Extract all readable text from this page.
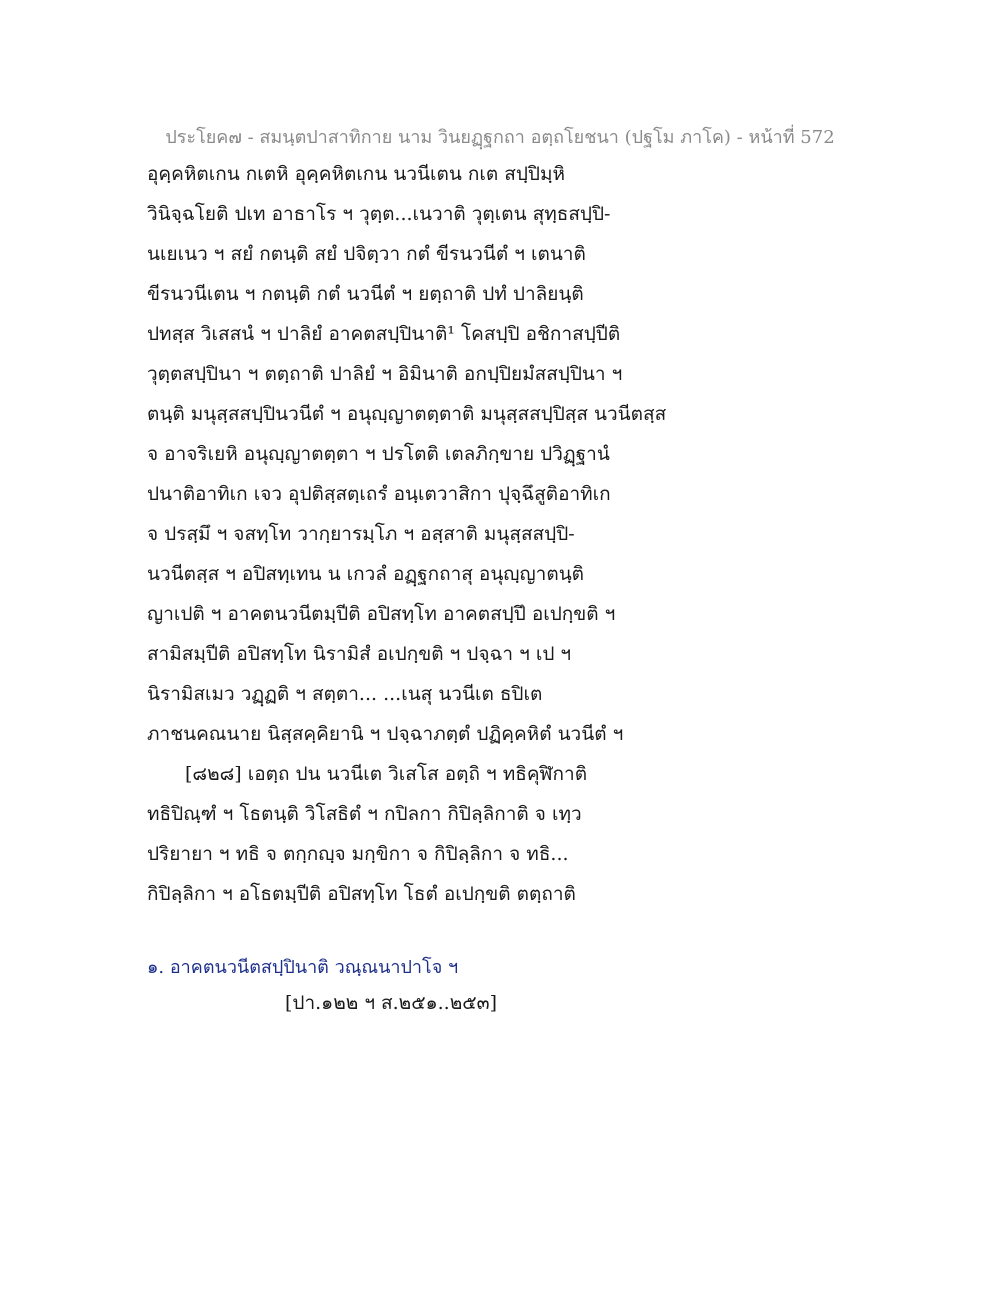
ประโยค๗ - สมนฺตปาสาทิกาย นาม วินยฏฺฐกถา อตฺถโยชนา (ปฐโม ภาโค) - หน้าที่ 572
อุคฺคหิตเกน กเตหิ อุคฺคหิตเกน นวนีเตน กเต สปฺปิมฺหิ
วินิจฺฉโยติ ปเท อาธาโร ฯ วุตฺต...เนวาติ วุตฺเตน สุทฺธสปฺปิ-
นเยเนว ฯ สยํ กตนฺติ สยํ ปจิตฺวา กตํ ขีรนวนีตํ ฯ เตนาติ
ขีรนวนีเตน ฯ กตนฺติ กตํ นวนีตํ ฯ ยตฺถาติ ปทํ ปาลิยนฺติ
ปทสฺส วิเสสนํ ฯ ปาลิยํ อาคตสปฺปินาติ¹ โคสปฺปิ อชิกาสปฺปีติ
วุตฺตสปฺปินา ฯ ตตฺถาติ ปาลิยํ ฯ อิมินาติ อกปฺปิยมํสสปฺปินา ฯ
ตนฺติ มนุสฺสสปฺปินวนีตํ ฯ อนุญฺญาตตฺตาติ มนุสฺสสปฺปิสฺส นวนีตสฺส
จ อาจริเยหิ อนุญฺญาตตฺตา ฯ ปรโตติ เตลภิกฺขาย ปวิฏฺฐานํ
ปนาติอาทิเก เจว อุปติสฺสตฺเถรํ อนฺเตวาสิกา ปุจฺฉึสูติอาทิเก
จ ปรสฺมึ ฯ จสทฺโท วากฺยารมฺโภ ฯ อสฺสาติ มนุสฺสสปฺปิ-
นวนีตสฺส ฯ อปิสทฺเทน น เกวลํ อฏฺฐกถาสุ อนุญฺญาตนฺติ
ญาเปติ ฯ อาคตนวนีตมฺปีติ อปิสทฺโท อาคตสปฺปึ อเปกฺขติ ฯ
สามิสมฺปีติ อปิสทฺโท นิรามิสํ อเปกฺขติ ฯ ปจฺฉา ฯ เป ฯ
นิรามิสเมว วฏฺฏติ ฯ สตฺตา... ...เนสุ นวนีเต ธปิเต
ภาชนคณนาย นิสฺสคฺคิยานิ ฯ ปจฺฉาภตฺตํ ปฏิคฺคหิตํ นวนีตํ ฯ
[๘๒๘] เอตฺถ ปน นวนีเต วิเสโส อตฺถิ ฯ ทธิคุฬิกาติ
ทธิปิณฺฑํ ฯ โธตนฺติ วิโสธิตํ ฯ กปิลกา กิปิลฺลิกาติ จ เทฺว
ปริยายา ฯ ทธิ จ ตกฺกญฺจ มกฺขิกา จ กิปิลฺลิกา จ ทธิ...
กิปิลฺลิกา ฯ อโธตมฺปีติ อปิสทฺโท โธตํ อเปกฺขติ ตตฺถาติ
๑. อาคตนวนีตสปฺปินาติ วณฺณนาปาโจ ฯ
[ปา.๑๒๒ ฯ ส.๒๕๑..๒๕๓]
